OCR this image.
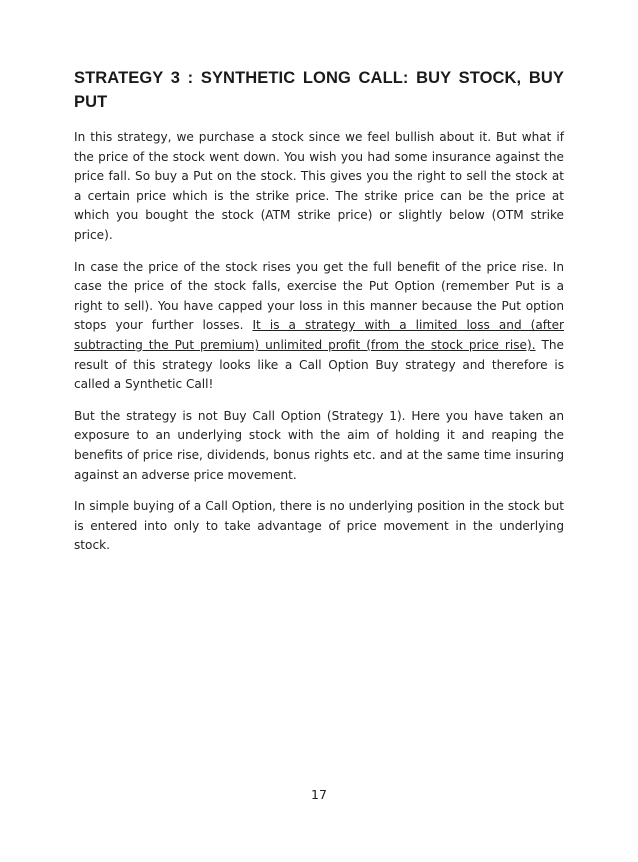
STRATEGY 3 : SYNTHETIC LONG CALL: BUY STOCK, BUY PUT

In this strategy, we purchase a stock since we feel bullish about it. But what if the price of the stock went down. You wish you had some insurance against the price fall. So buy a Put on the stock. This gives you the right to sell the stock at a certain price which is the strike price. The strike price can be the price at which you bought the stock (ATM strike price) or slightly below (OTM strike price).

In case the price of the stock rises you get the full benefit of the price rise. In case the price of the stock falls, exercise the Put Option (remember Put is a right to sell). You have capped your loss in this manner because the Put option stops your further losses. It is a strategy with a limited loss and (after subtracting the Put premium) unlimited profit (from the stock price rise). The result of this strategy looks like a Call Option Buy strategy and therefore is called a Synthetic Call!

But the strategy is not Buy Call Option (Strategy 1). Here you have taken an exposure to an underlying stock with the aim of holding it and reaping the benefits of price rise, dividends, bonus rights etc. and at the same time insuring against an adverse price movement.

In simple buying of a Call Option, there is no underlying position in the stock but is entered into only to take advantage of price movement in the underlying stock.

17
